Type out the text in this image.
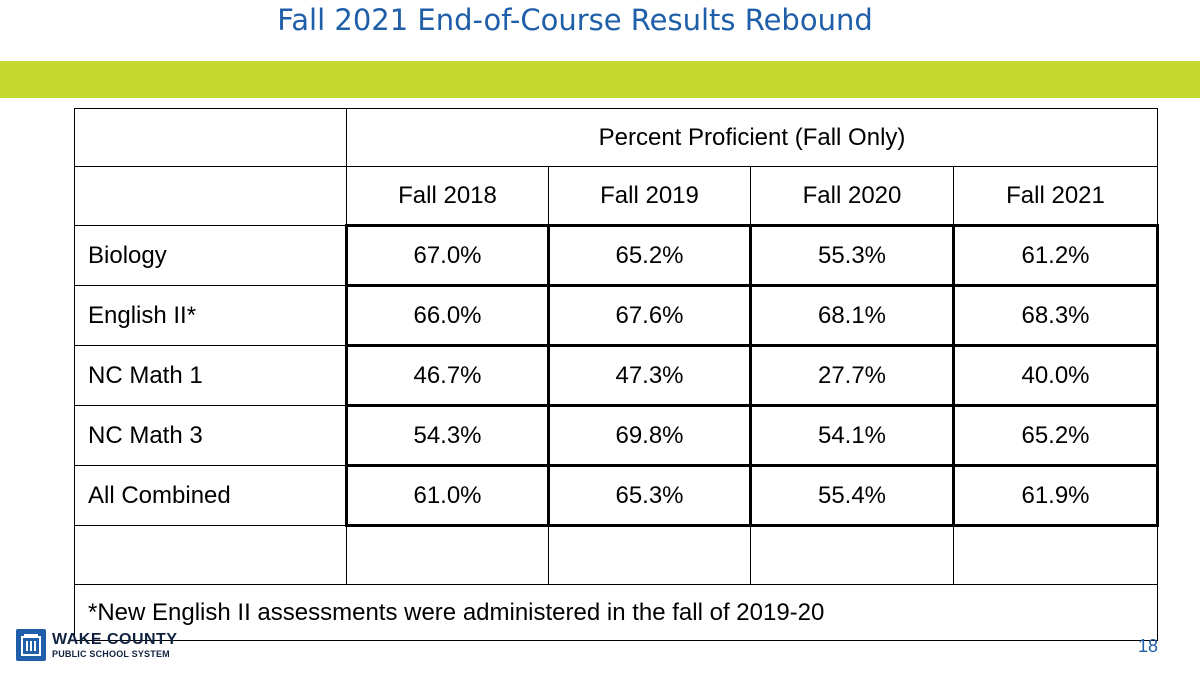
Fall 2021 End-of-Course Results Rebound
	Percent Proficient (Fall Only)			
	Fall 2018	Fall 2019	Fall 2020	Fall 2021
Biology	67.0%	65.2%	55.3%	61.2%
English II*	66.0%	67.6%	68.1%	68.3%
NC Math 1	46.7%	47.3%	27.7%	40.0%
NC Math 3	54.3%	69.8%	54.1%	65.2%
All Combined	61.0%	65.3%	55.4%	61.9%

*New English II assessments were administered in the fall of 2019-20				
WAKE COUNTY
PUBLIC SCHOOL SYSTEM	18
